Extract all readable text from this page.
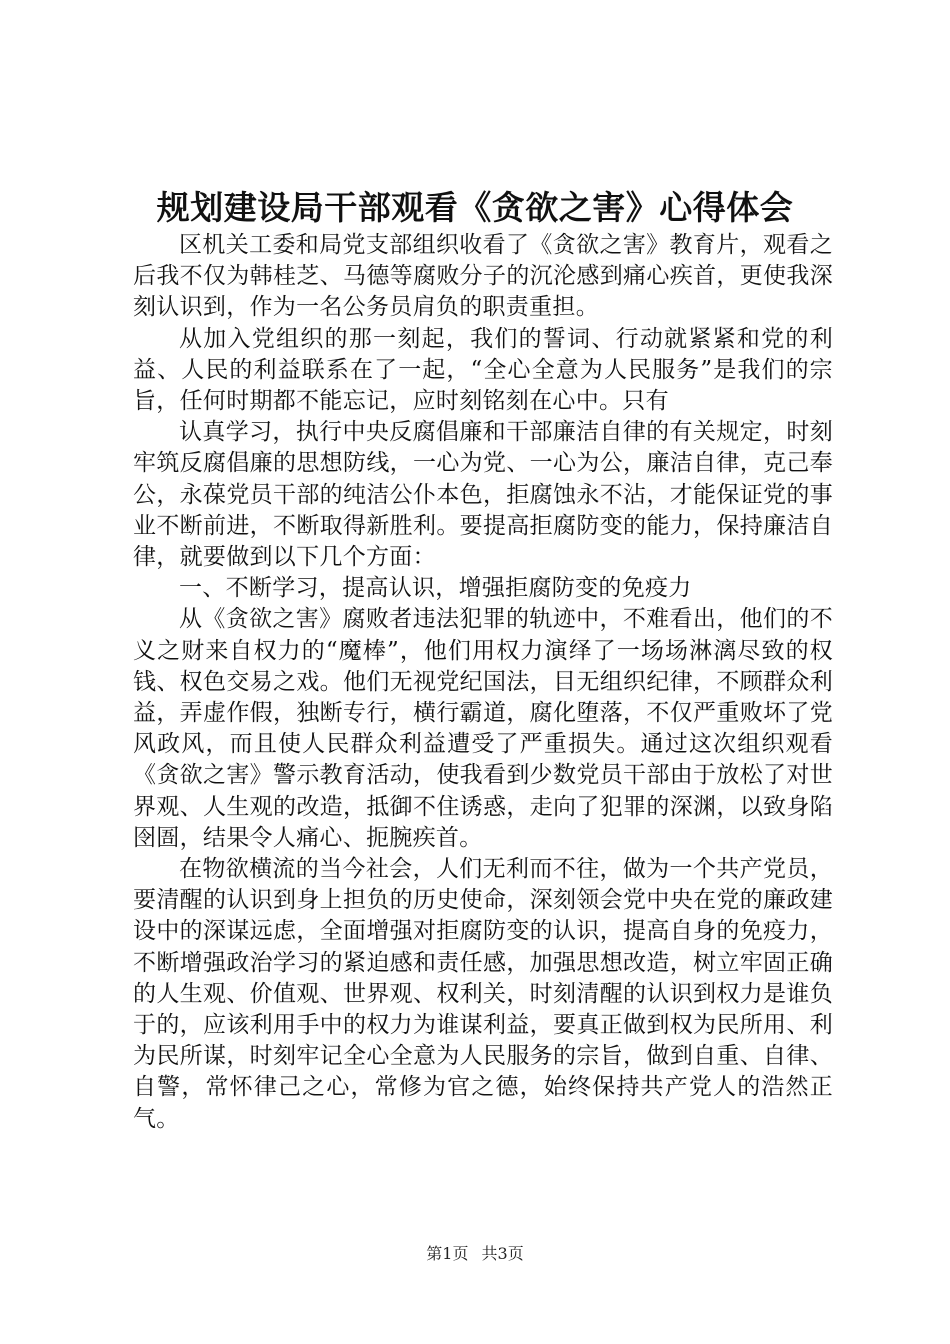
规划建设局干部观看《贪欲之害》心得体会

区机关工委和局党支部组织收看了《贪欲之害》教育片，观看之后我不仅为韩桂芝、马德等腐败分子的沉沦感到痛心疾首，更使我深刻认识到，作为一名公务员肩负的职责重担。

从加入党组织的那一刻起，我们的誓词、行动就紧紧和党的利益、人民的利益联系在了一起，“全心全意为人民服务”是我们的宗旨，任何时期都不能忘记，应时刻铭刻在心中。只有

认真学习，执行中央反腐倡廉和干部廉洁自律的有关规定，时刻牢筑反腐倡廉的思想防线，一心为党、一心为公，廉洁自律，克己奉公，永葆党员干部的纯洁公仆本色，拒腐蚀永不沾，才能保证党的事业不断前进，不断取得新胜利。要提高拒腐防变的能力，保持廉洁自律，就要做到以下几个方面：

一、不断学习，提高认识，增强拒腐防变的免疫力

从《贪欲之害》腐败者违法犯罪的轨迹中，不难看出，他们的不义之财来自权力的“魔棒”，他们用权力演绎了一场场淋漓尽致的权钱、权色交易之戏。他们无视党纪国法，目无组织纪律，不顾群众利益，弄虚作假，独断专行，横行霸道，腐化堕落，不仅严重败坏了党风政风，而且使人民群众利益遭受了严重损失。通过这次组织观看《贪欲之害》警示教育活动，使我看到少数党员干部由于放松了对世界观、人生观的改造，抵御不住诱惑，走向了犯罪的深渊，以致身陷囹圄，结果令人痛心、扼腕疾首。

在物欲横流的当今社会，人们无利而不往，做为一个共产党员，要清醒的认识到身上担负的历史使命，深刻领会党中央在党的廉政建设中的深谋远虑，全面增强对拒腐防变的认识，提高自身的免疫力，不断增强政治学习的紧迫感和责任感，加强思想改造，树立牢固正确的人生观、价值观、世界观、权利关，时刻清醒的认识到权力是谁负于的，应该利用手中的权力为谁谋利益，要真正做到权为民所用、利为民所谋，时刻牢记全心全意为人民服务的宗旨，做到自重、自律、自警，常怀律己之心，常修为官之德，始终保持共产党人的浩然正气。

第1页 共3页
